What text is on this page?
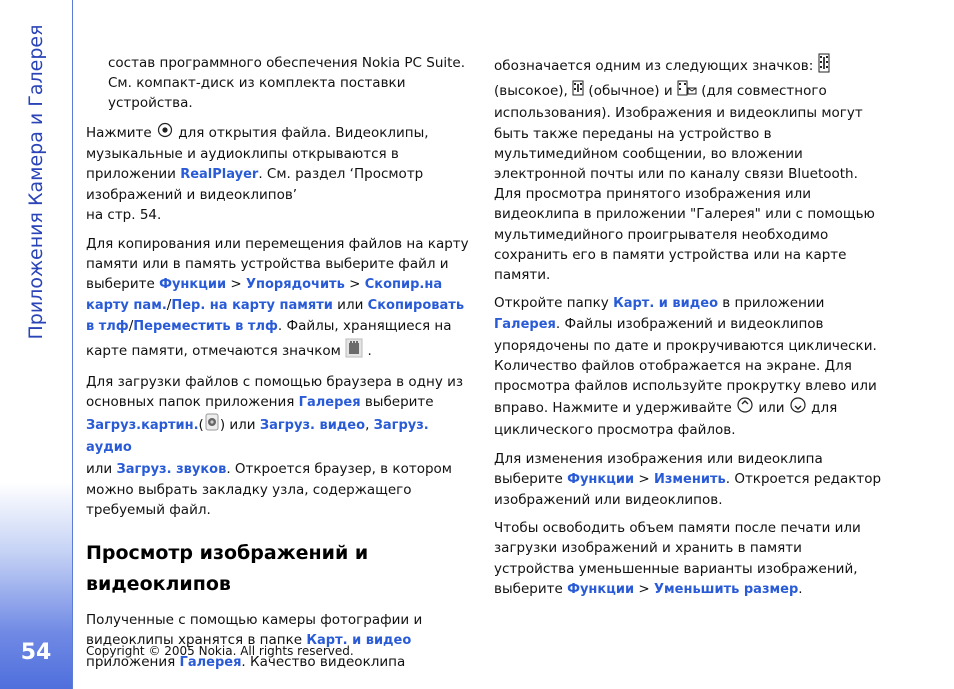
Приложения Камера и Галерея
54

состав программного обеспечения Nokia PC Suite. См. компакт-диск из комплекта поставки устройства.

Нажмите  для открытия файла. Видеоклипы, музыкальные и аудиоклипы открываются в приложении RealPlayer. См. раздел ‘Просмотр изображений и видеоклипов’
на стр. 54.

Для копирования или перемещения файлов на карту памяти или в память устройства выберите файл и выберите Функции > Упорядочить > Скопир.на карту пам./Пер. на карту памяти или Скопировать в тлф/Переместить в тлф. Файлы, хранящиеся на карте памяти, отмечаются значком  .

Для загрузки файлов с помощью браузера в одну из основных папок приложения Галерея выберите Загруз.картин.( ) или Загруз. видео, Загруз. аудио
или Загруз. звуков. Откроется браузер, в котором можно выбрать закладку узла, содержащего требуемый файл.

Просмотр изображений и видеоклипов

Полученные с помощью камеры фотографии и видеоклипы хранятся в папке Карт. и видео приложения Галерея. Качество видеоклипа

обозначается одним из следующих значков:  (высокое),  (обычное) и  (для совместного использования). Изображения и видеоклипы могут быть также переданы на устройство в мультимедийном сообщении, во вложении электронной почты или по каналу связи Bluetooth. Для просмотра принятого изображения или видеоклипа в приложении "Галерея" или с помощью мультимедийного проигрывателя необходимо сохранить его в памяти устройства или на карте памяти.

Откройте папку Карт. и видео в приложении Галерея. Файлы изображений и видеоклипов упорядочены по дате и прокручиваются циклически. Количество файлов отображается на экране. Для просмотра файлов используйте прокрутку влево или вправо. Нажмите и удерживайте  или  для циклического просмотра файлов.

Для изменения изображения или видеоклипа выберите Функции > Изменить. Откроется редактор изображений или видеоклипов.

Чтобы освободить объем памяти после печати или загрузки изображений и хранить в памяти устройства уменьшенные варианты изображений, выберите Функции > Уменьшить размер.

Copyright © 2005 Nokia. All rights reserved.
